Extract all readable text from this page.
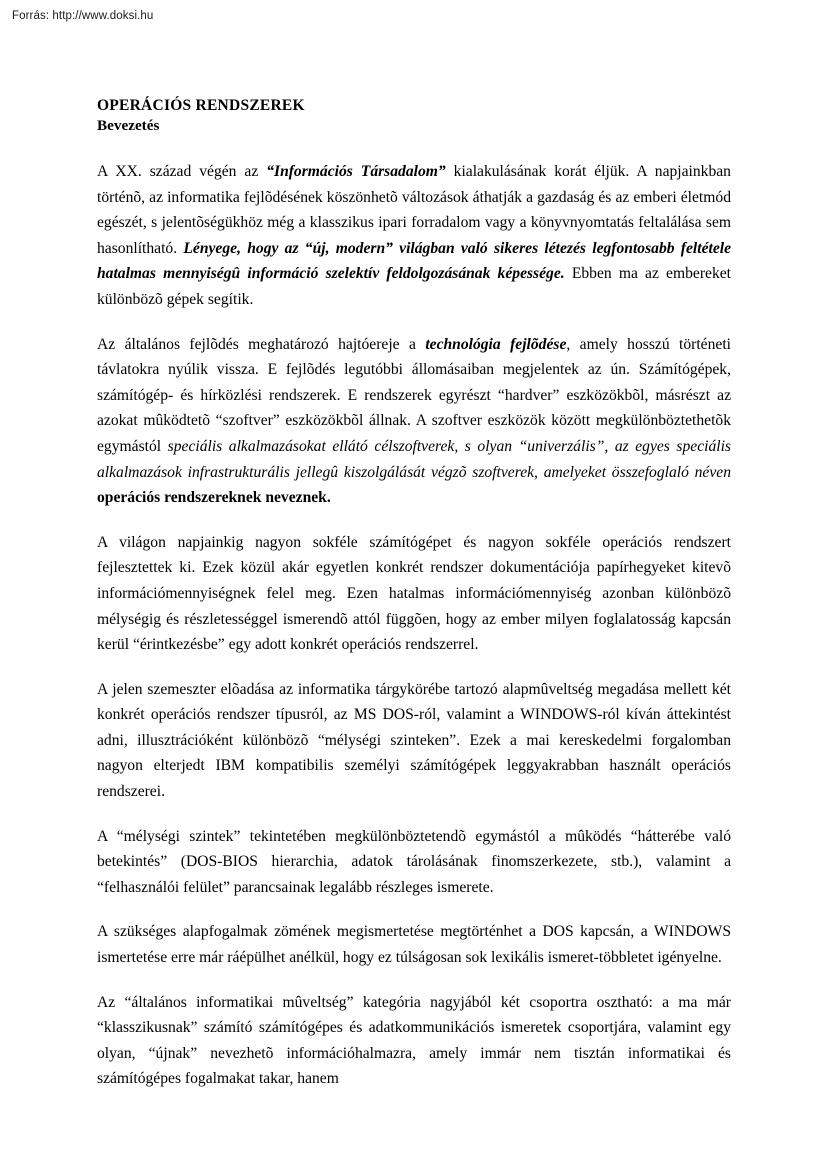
Forrás: http://www.doksi.hu
OPERÁCIÓS RENDSZEREK
Bevezetés

A XX. század végén az “Információs Társadalom” kialakulásának korát éljük. A napjainkban történõ, az informatika fejlõdésének köszönhetõ változások áthatják a gazdaság és az emberi életmód egészét, s jelentõségükhöz még a klasszikus ipari forradalom vagy a könyvnyomtatás feltalálása sem hasonlítható. Lényege, hogy az “új, modern” világban való sikeres létezés legfontosabb feltétele hatalmas mennyiségû információ szelektív feldolgozásának képessége. Ebben ma az embereket különbözõ gépek segítik.

Az általános fejlõdés meghatározó hajtóereje a technológia fejlõdése, amely hosszú történeti távlatokra nyúlik vissza. E fejlõdés legutóbbi állomásaiban megjelentek az ún. Számítógépek, számítógép- és hírközlési rendszerek. E rendszerek egyrészt “hardver” eszközökbõl, másrészt az azokat mûködtetõ “szoftver” eszközökbõl állnak. A szoftver eszközök között megkülönböztethetõk egymástól speciális alkalmazásokat ellátó célszoftverek, s olyan “univerzális”, az egyes speciális alkalmazások infrastrukturális jellegû kiszolgálását végzõ szoftverek, amelyeket összefoglaló néven operációs rendszereknek neveznek.

A világon napjainkig nagyon sokféle számítógépet és nagyon sokféle operációs rendszert fejlesztettek ki. Ezek közül akár egyetlen konkrét rendszer dokumentációja papírhegyeket kitevõ információmennyiségnek felel meg. Ezen hatalmas információmennyiség azonban különbözõ mélységig és részletességgel ismerendõ attól függõen, hogy az ember milyen foglalatosság kapcsán kerül “érintkezésbe” egy adott konkrét operációs rendszerrel.

A jelen szemeszter elõadása az informatika tárgykörébe tartozó alapmûveltség megadása mellett két konkrét operációs rendszer típusról, az MS DOS-ról, valamint a WINDOWS-ról kíván áttekintést adni, illusztrációként különbözõ “mélységi szinteken”. Ezek a mai kereskedelmi forgalomban nagyon elterjedt IBM kompatibilis személyi számítógépek leggyakrabban használt operációs rendszerei.

A “mélységi szintek” tekintetében megkülönböztetendõ egymástól a mûködés “hátterébe való betekintés” (DOS-BIOS hierarchia, adatok tárolásának finomszerkezete, stb.), valamint a “felhasználói felület” parancsainak legalább részleges ismerete.

A szükséges alapfogalmak zömének megismertetése megtörténhet a DOS kapcsán, a WINDOWS ismertetése erre már ráépülhet anélkül, hogy ez túlságosan sok lexikális ismeret-többletet igényelne.

Az “általános informatikai mûveltség” kategória nagyjából két csoportra osztható: a ma már “klasszikusnak” számító számítógépes és adatkommunikációs ismeretek csoportjára, valamint egy olyan, “újnak” nevezhetõ információhalmazra, amely immár nem tisztán informatikai és számítógépes fogalmakat takar, hanem
